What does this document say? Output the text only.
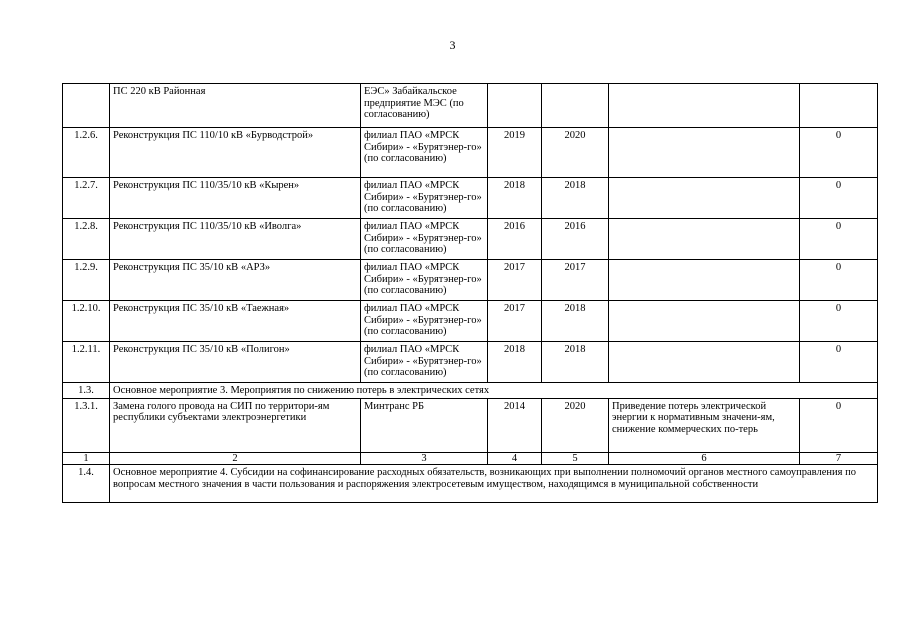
3
	ПС 220 кВ Районная	ЕЭС» Забайкальское предприятие МЭС (по согласованию)				
1.2.6.	Реконструкция ПС 110/10 кВ «Бурводстрой»	филиал ПАО «МРСК Сибири» - «Бурятэнер-го» (по согласованию)	2019	2020		0
1.2.7.	Реконструкция ПС 110/35/10 кВ «Кырен»	филиал ПАО «МРСК Сибири» - «Бурятэнер-го» (по согласованию)	2018	2018		0
1.2.8.	Реконструкция ПС 110/35/10 кВ «Иволга»	филиал ПАО «МРСК Сибири» - «Бурятэнер-го» (по согласованию)	2016	2016		0
1.2.9.	Реконструкция ПС 35/10 кВ «АРЗ»	филиал ПАО «МРСК Сибири» - «Бурятэнер-го» (по согласованию)	2017	2017		0
1.2.10.	Реконструкция ПС 35/10 кВ «Таежная»	филиал ПАО «МРСК Сибири» - «Бурятэнер-го» (по согласованию)	2017	2018		0
1.2.11.	Реконструкция ПС 35/10 кВ «Полигон»	филиал ПАО «МРСК Сибири» - «Бурятэнер-го» (по согласованию)	2018	2018		0
1.3.	Основное мероприятие 3. Мероприятия по снижению потерь в электрических сетях					
1.3.1.	Замена голого провода на СИП по территори-ям республики субъектами электроэнергетики	Минтранс РБ	2014	2020	Приведение потерь электрической энергии к нормативным значени-ям, снижение коммерческих по-терь	0
1	2	3	4	5	6	7
1.4.	Основное мероприятие 4. Субсидии на софинансирование расходных обязательств, возникающих при выполнении полномочий органов местного самоуправления по вопросам местного значения в части пользования и распоряжения электросетевым имуществом, находящимся в муниципальной собственности					
